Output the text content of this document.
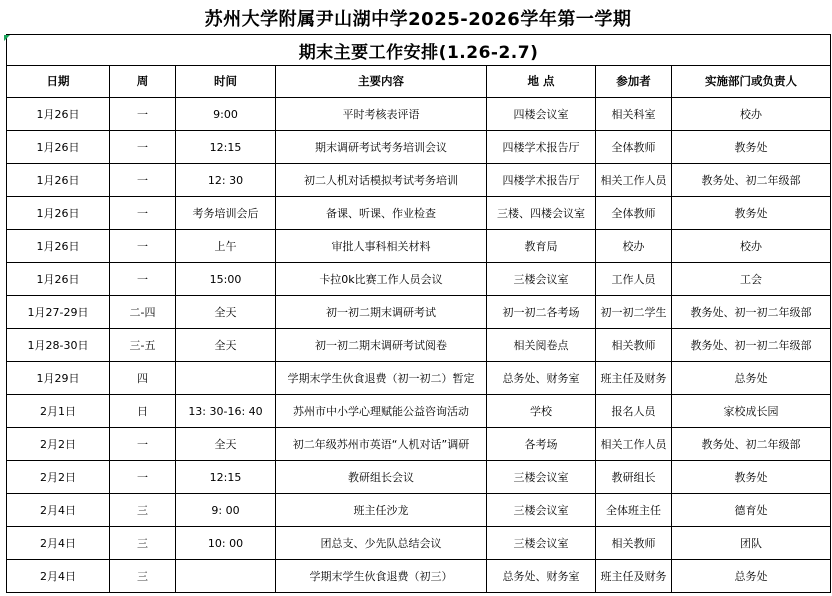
苏州大学附属尹山湖中学2025-2026学年第一学期
期末主要工作安排(1.26-2.7)						
日期	周	时间	主要内容	地 点	参加者	实施部门或负责人
1月26日	一	9:00	平时考核表评语	四楼会议室	相关科室	校办
1月26日	一	12:15	期末调研考试考务培训会议	四楼学术报告厅	全体教师	教务处
1月26日	一	12: 30	初二人机对话模拟考试考务培训	四楼学术报告厅	相关工作人员	教务处、初二年级部
1月26日	一	考务培训会后	备课、听课、作业检查	三楼、四楼会议室	全体教师	教务处
1月26日	一	上午	审批人事科相关材料	教育局	校办	校办
1月26日	一	15:00	卡拉0k比赛工作人员会议	三楼会议室	工作人员	工会
1月27-29日	二-四	全天	初一初二期末调研考试	初一初二各考场	初一初二学生	教务处、初一初二年级部
1月28-30日	三-五	全天	初一初二期末调研考试阅卷	相关阅卷点	相关教师	教务处、初一初二年级部
1月29日	四		学期末学生伙食退费（初一初二）暂定	总务处、财务室	班主任及财务	总务处
2月1日	日	13: 30-16: 40	苏州市中小学心理赋能公益咨询活动	学校	报名人员	家校成长园
2月2日	一	全天	初二年级苏州市英语“人机对话”调研	各考场	相关工作人员	教务处、初二年级部
2月2日	一	12:15	教研组长会议	三楼会议室	教研组长	教务处
2月4日	三	9: 00	班主任沙龙	三楼会议室	全体班主任	德育处
2月4日	三	10: 00	团总支、少先队总结会议	三楼会议室	相关教师	团队
2月4日	三		学期末学生伙食退费（初三）	总务处、财务室	班主任及财务	总务处
